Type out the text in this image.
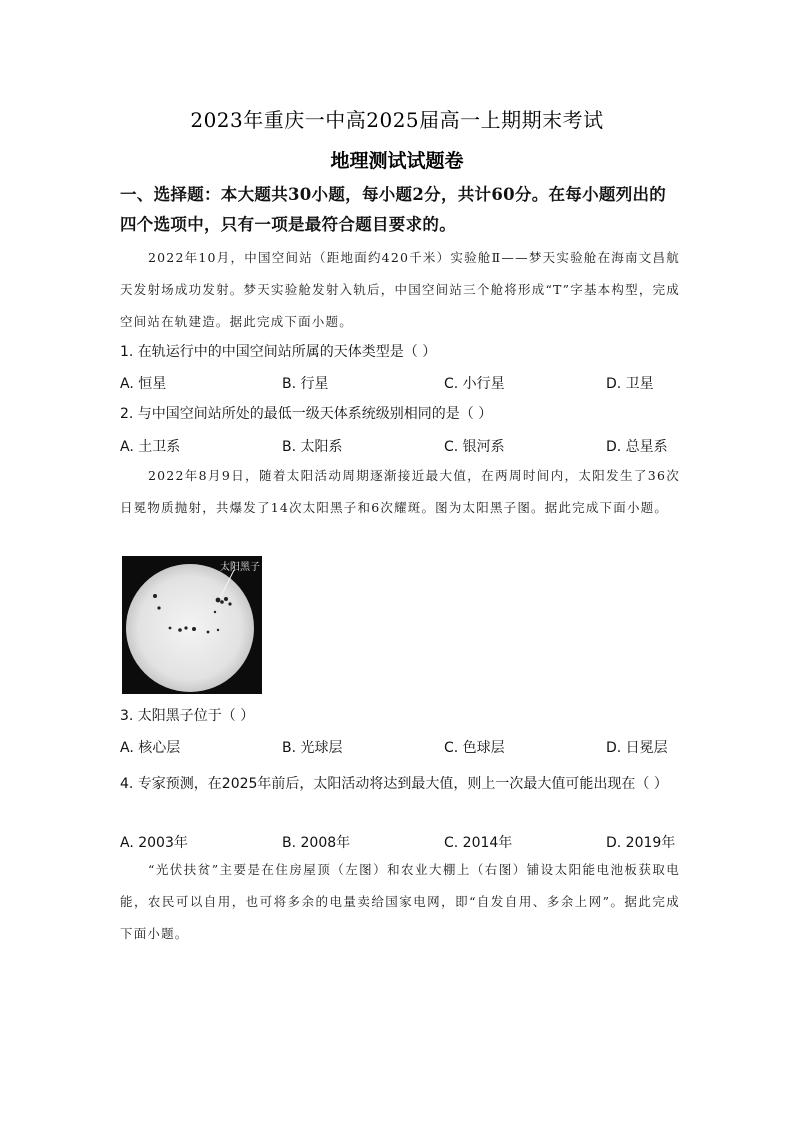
2023年重庆一中高2025届高一上期期末考试
地理测试试题卷
一、选择题：本大题共30小题，每小题2分，共计60分。在每小题列出的四个选项中，只有一项是最符合题目要求的。
2022年10月，中国空间站（距地面约420千米）实验舱Ⅱ——梦天实验舱在海南文昌航天发射场成功发射。梦天实验舱发射入轨后，中国空间站三个舱将形成“T”字基本构型，完成空间站在轨建造。据此完成下面小题。
1. 在轨运行中的中国空间站所属的天体类型是（ ）
A. 恒星	B. 行星	C. 小行星	D. 卫星
2. 与中国空间站所处的最低一级天体系统级别相同的是（ ）
A. 土卫系	B. 太阳系	C. 银河系	D. 总星系
2022年8月9日，随着太阳活动周期逐渐接近最大值，在两周时间内，太阳发生了36次日冕物质抛射，共爆发了14次太阳黑子和6次耀斑。图为太阳黑子图。据此完成下面小题。
太阳黑子
3. 太阳黑子位于（ ）
A. 核心层	B. 光球层	C. 色球层	D. 日冕层
4. 专家预测，在2025年前后，太阳活动将达到最大值，则上一次最大值可能出现在（ ）
A. 2003年	B. 2008年	C. 2014年	D. 2019年
“光伏扶贫”主要是在住房屋顶（左图）和农业大棚上（右图）铺设太阳能电池板获取电能，农民可以自用，也可将多余的电量卖给国家电网，即“自发自用、多余上网”。据此完成下面小题。
